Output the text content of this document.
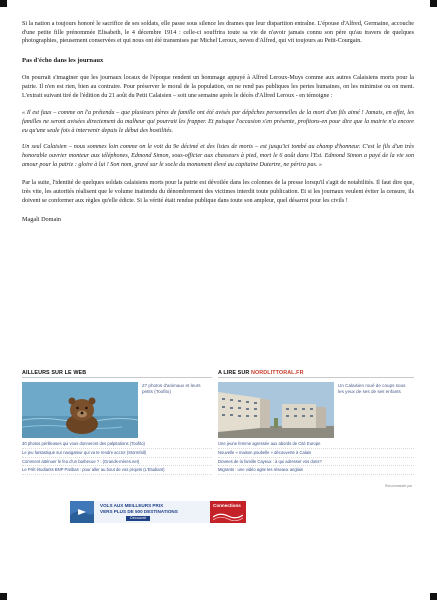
Si la nation a toujours honoré le sacrifice de ses soldats, elle passe sous silence les drames que leur disparition entraîne. L'épouse d'Alfred, Germaine, accouche d'une petite fille prénommée Elisabeth, le 4 décembre 1914 : celle-ci souffrira toute sa vie de n'avoir jamais connu son père qu'au travers de quelques photographies, pieusement conservées et qui nous ont été transmises par Michel Leroux, neveu d'Alfred, qui vit toujours au Petit-Courgain.

Pas d'écho dans les journaux

On pourrait s'imaginer que les journaux locaux de l'époque rendent un hommage appuyé à Alfred Leroux-Muys comme aux autres Calaisiens morts pour la patrie. Il n'en est rien, bien au contraire. Pour préserver le moral de la population, on ne rend pas publiques les pertes humaines, on les minimise ou on ment. L'extrait suivant tiré de l'édition du 21 août du Petit Calaisien – soit une semaine après le décès d'Alfred Leroux - en témoigne :

« Il est faux – comme on l'a prétendu – que plusieurs pères de famille ont été avisés par dépêches personnelles de la mort d'un fils aimé ! Jamais, en effet, les familles ne seront avisées directement du malheur qui pourrait les frapper. Et puisque l'occasion s'en présente, profitons-en pour dire que la mairie n'a encore eu qu'une seule fois à intervenir depuis le début des hostilités.

Un seul Calaisien – nous sommes loin comme on le voit du 9e décimé et des listes de morts – est jusqu'ici tombé au champ d'honneur. C'est le fils d'un très honorable ouvrier monteur aux téléphones, Edmond Simon, sous-officier aux chasseurs à pied, mort le 6 août dans l'Est. Edmond Simon a payé de la vie son amour pour la patrie : gloire à lui ! Son nom, gravé sur le socle du monument élevé au capitaine Dutertre, ne périra pas. »

Par la suite, l'identité de quelques soldats calaisiens morts pour la patrie est dévoilée dans les colonnes de la presse lorsqu'il s'agit de notabilités. Il faut dire que, très vite, les autorités réalisent que le volume inattendu du dénombrement des victimes interdit toute publication. Et si les journaux veulent éviter la censure, ils doivent se conformer aux règles qu'elle édicte. Si la vérité était rendue publique dans toute son ampleur, quel désarroi pour les civils !

Magali Domain
AILLEURS SUR LE WEB
27 photos d'animaux et leurs petits (Toofito)
30 photos périlleuses qui vous donneront des palpitations (Toofito)
Le jeu fantastique sur navigateur qui va te rendre accro! (Stormfall)
Comment atténuer le feu d'un barbecue ? : (Grands-mères.net)
Le Prêt étudiants BNP Paribas : pour aller au bout de vos projets (L'Etudiant)
A LIRE SUR NORDLITTORAL.FR
Un Calaisien roué de coups sous les yeux de ses de ses enfants
Une jeune femme agressée aux abords de Cité Europe
Nouvelle « maison poubelle » découverte à Calais
Drames de la famille Cayeux : à qui adresser vos dons?
Migrants : une vidéo agite les réseaux anglais
Recommandé par
VOLS AUX MEILLEURS PRIX
VERS PLUS DE 500 DESTINATIONS
Découvrir
Connections
